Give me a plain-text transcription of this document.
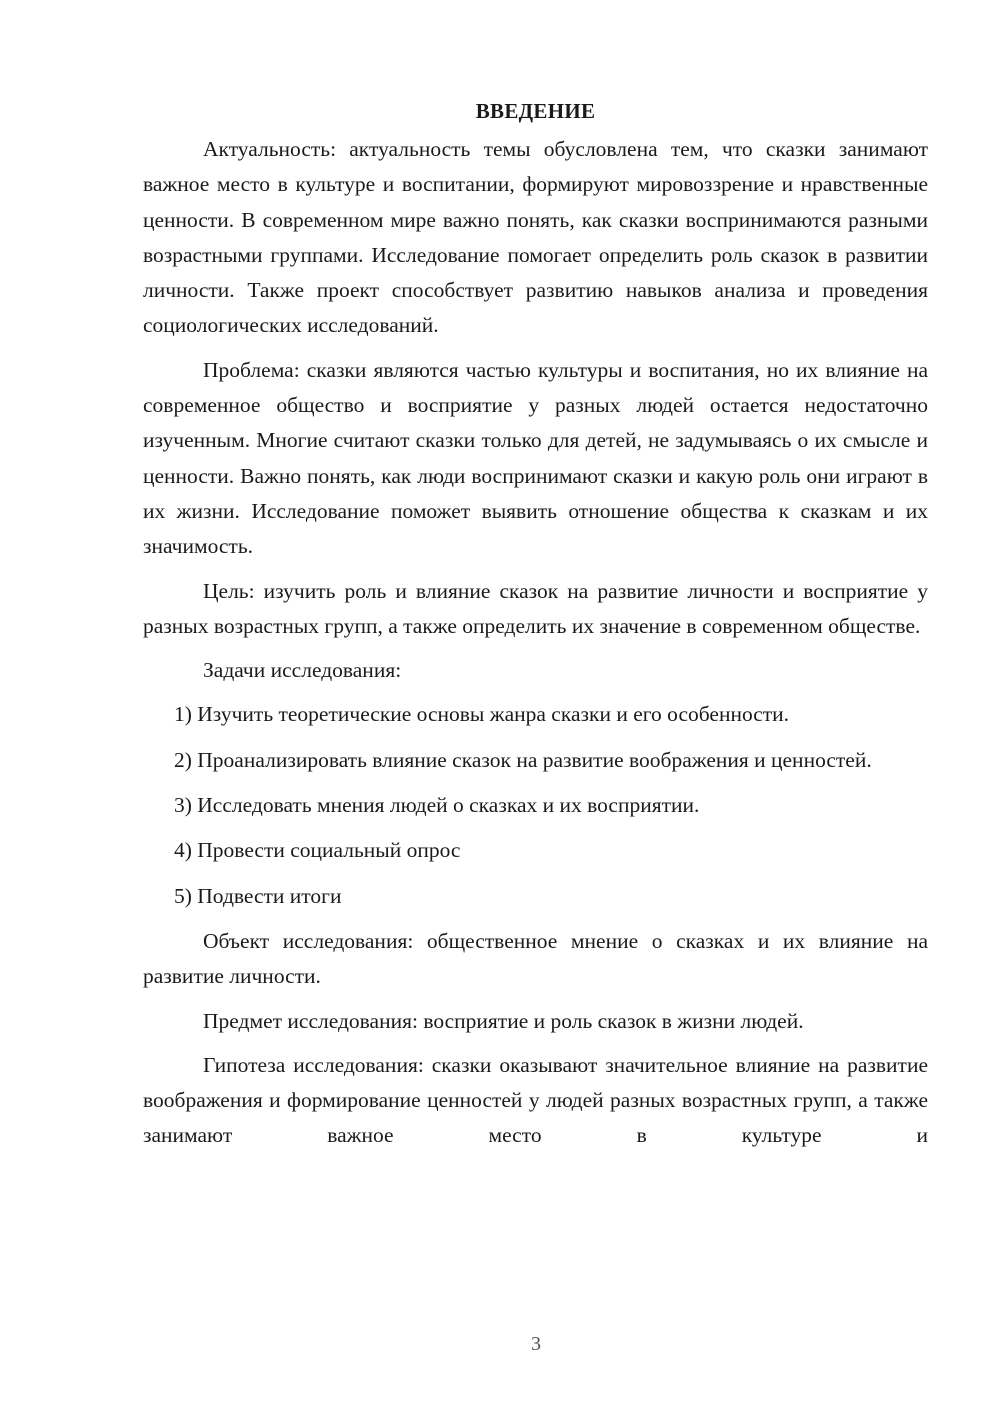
ВВЕДЕНИЕ

Актуальность: актуальность темы обусловлена тем, что сказки занимают важное место в культуре и воспитании, формируют мировоззрение и нравственные ценности. В современном мире важно понять, как сказки воспринимаются разными возрастными группами. Исследование помогает определить роль сказок в развитии личности. Также проект способствует развитию навыков анализа и проведения социологических исследований.

Проблема: сказки являются частью культуры и воспитания, но их влияние на современное общество и восприятие у разных людей остается недостаточно изученным. Многие считают сказки только для детей, не задумываясь о их смысле и ценности. Важно понять, как люди воспринимают сказки и какую роль они играют в их жизни. Исследование поможет выявить отношение общества к сказкам и их значимость.

Цель: изучить роль и влияние сказок на развитие личности и восприятие у разных возрастных групп, а также определить их значение в современном обществе.

Задачи исследования:

1) Изучить теоретические основы жанра сказки и его особенности.

2) Проанализировать влияние сказок на развитие воображения и ценностей.

3) Исследовать мнения людей о сказках и их восприятии.

4) Провести социальный опрос

5) Подвести итоги

Объект исследования: общественное мнение о сказках и их влияние на развитие личности.

Предмет исследования: восприятие и роль сказок в жизни людей.

Гипотеза исследования: сказки оказывают значительное влияние на развитие воображения и формирование ценностей у людей разных возрастных групп, а также занимают важное место в культуре и

3
